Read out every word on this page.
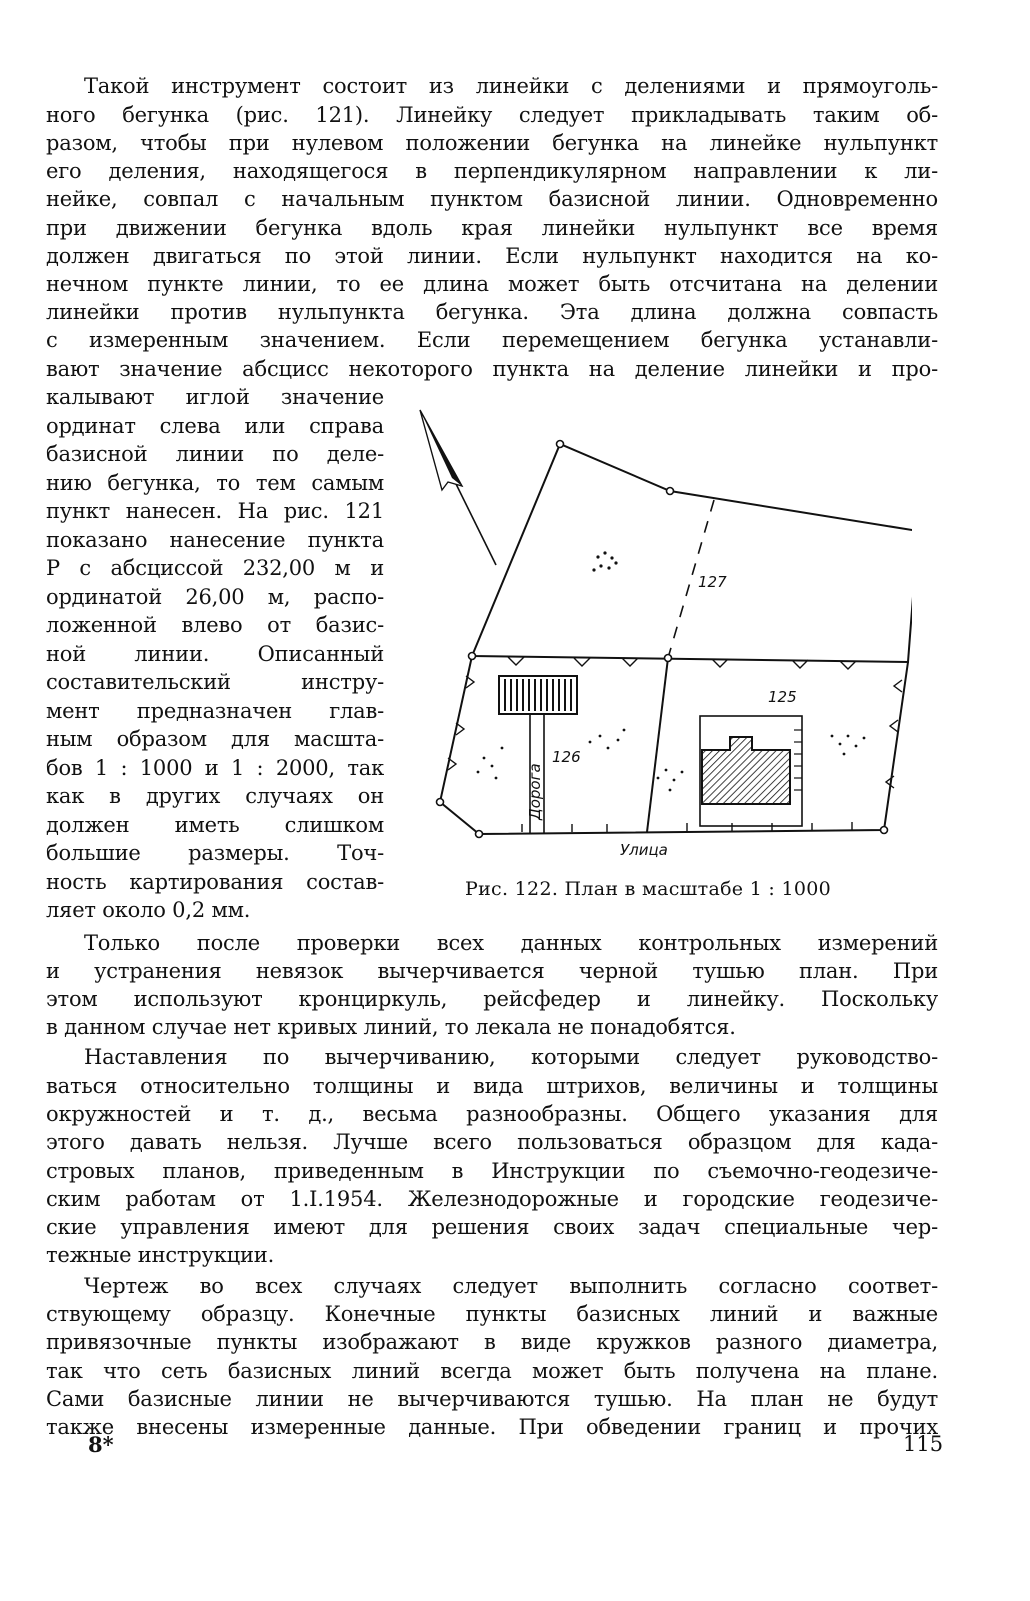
Такой инструмент состоит из линейки с делениями и прямоуголь-
ного бегунка (рис. 121). Линейку следует прикладывать таким об-
разом, чтобы при нулевом положении бегунка на линейке нульпункт
его деления, находящегося в перпендикулярном направлении к ли-
нейке, совпал с начальным пунктом базисной линии. Одновременно
при движении бегунка вдоль края линейки нульпункт все время
должен двигаться по этой линии. Если нульпункт находится на ко-
нечном пункте линии, то ее длина может быть отсчитана на делении
линейки против нульпункта бегунка. Эта длина должна совпасть
с измеренным значением. Если перемещением бегунка устанавли-
вают значение абсцисс некоторого пункта на деление линейки и про-
калывают иглой значение
ординат слева или справа
базисной линии по деле-
нию бегунка, то тем самым
пункт нанесен. На рис. 121
показано нанесение пункта
P с абсциссой 232,00 м и
ординатой 26,00 м, распо-
ложенной влево от базис-
ной линии. Описанный
составительский инстру-
мент предназначен глав-
ным образом для масшта-
бов 1 : 1000 и 1 : 2000, так
как в других случаях он
должен иметь слишком
большие размеры. Точ-
ность картирования состав-
ляет около 0,2 мм.
127
125
126
Дорога
Улица
Рис. 122. План в масштабе 1 : 1000
Только после проверки всех данных контрольных измерений
и устранения невязок вычерчивается черной тушью план. При
этом используют кронциркуль, рейсфедер и линейку. Поскольку
в данном случае нет кривых линий, то лекала не понадобятся.
Наставления по вычерчиванию, которыми следует руководство-
ваться относительно толщины и вида штрихов, величины и толщины
окружностей и т. д., весьма разнообразны. Общего указания для
этого давать нельзя. Лучше всего пользоваться образцом для када-
стровых планов, приведенным в Инструкции по съемочно-геодезиче-
ским работам от 1.I.1954. Железнодорожные и городские геодезиче-
ские управления имеют для решения своих задач специальные чер-
тежные инструкции.
Чертеж во всех случаях следует выполнить согласно соответ-
ствующему образцу. Конечные пункты базисных линий и важные
привязочные пункты изображают в виде кружков разного диаметра,
так что сеть базисных линий всегда может быть получена на плане.
Сами базисные линии не вычерчиваются тушью. На план не будут
также внесены измеренные данные. При обведении границ и прочих
8*	115
